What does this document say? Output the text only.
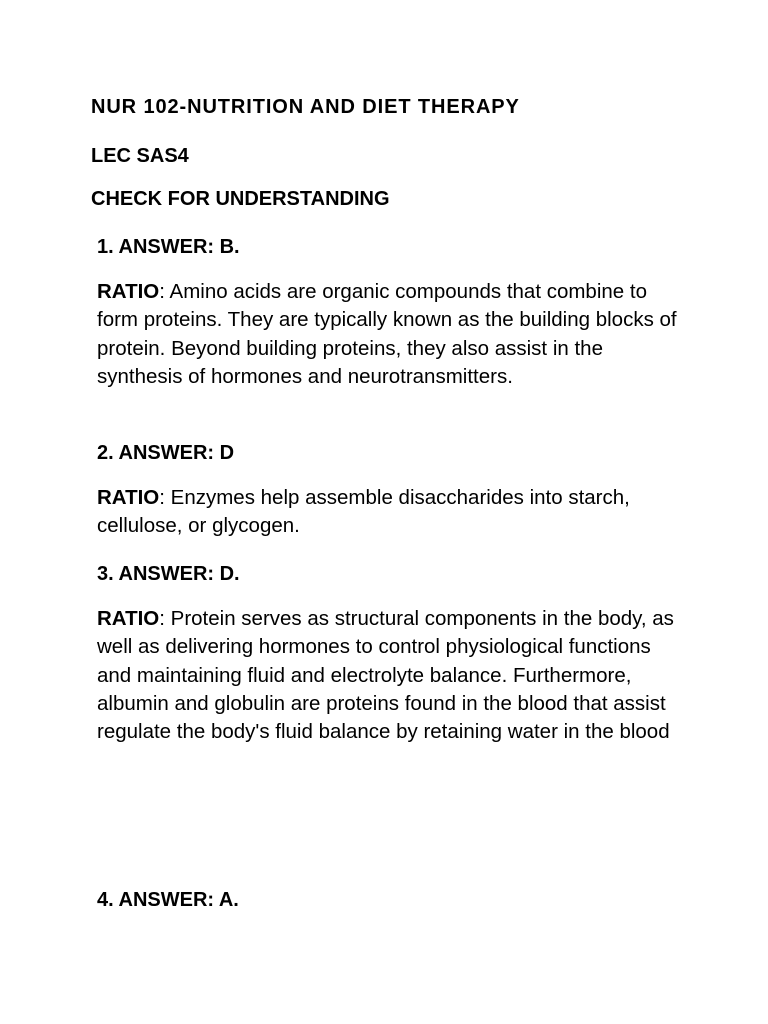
NUR 102-NUTRITION AND DIET THERAPY
LEC SAS4
CHECK FOR UNDERSTANDING

1. ANSWER: B.

RATIO: Amino acids are organic compounds that combine to form proteins. They are typically known as the building blocks of protein. Beyond building proteins, they also assist in the synthesis of hormones and neurotransmitters.

2. ANSWER: D

RATIO: Enzymes help assemble disaccharides into starch, cellulose, or glycogen.

3. ANSWER: D.

RATIO: Protein serves as structural components in the body, as well as delivering hormones to control physiological functions and maintaining fluid and electrolyte balance. Furthermore, albumin and globulin are proteins found in the blood that assist regulate the body's fluid balance by retaining water in the blood

4. ANSWER: A.
